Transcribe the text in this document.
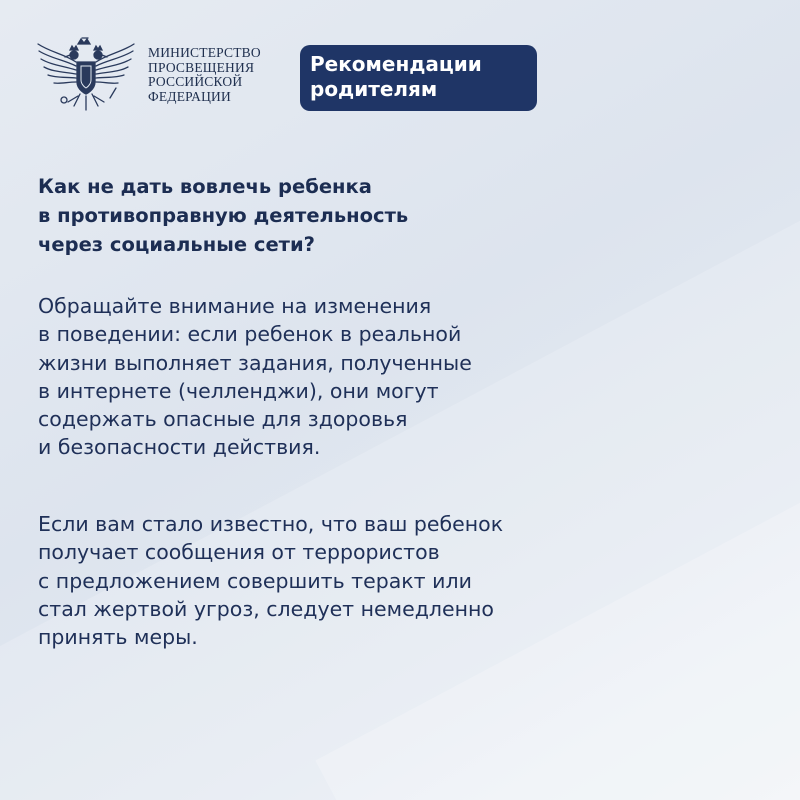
МИНИСТЕРСТВО
ПРОСВЕЩЕНИЯ
РОССИЙСКОЙ
ФЕДЕРАЦИИ
Рекомендации
родителям
Как не дать вовлечь ребенка
в противоправную деятельность
через социальные сети?
Обращайте внимание на изменения
в поведении: если ребенок в реальной
жизни выполняет задания, полученные
в интернете (челленджи), они могут
содержать опасные для здоровья
и безопасности действия.
Если вам стало известно, что ваш ребенок
получает сообщения от террористов
с предложением совершить теракт или
стал жертвой угроз, следует немедленно
принять меры.
